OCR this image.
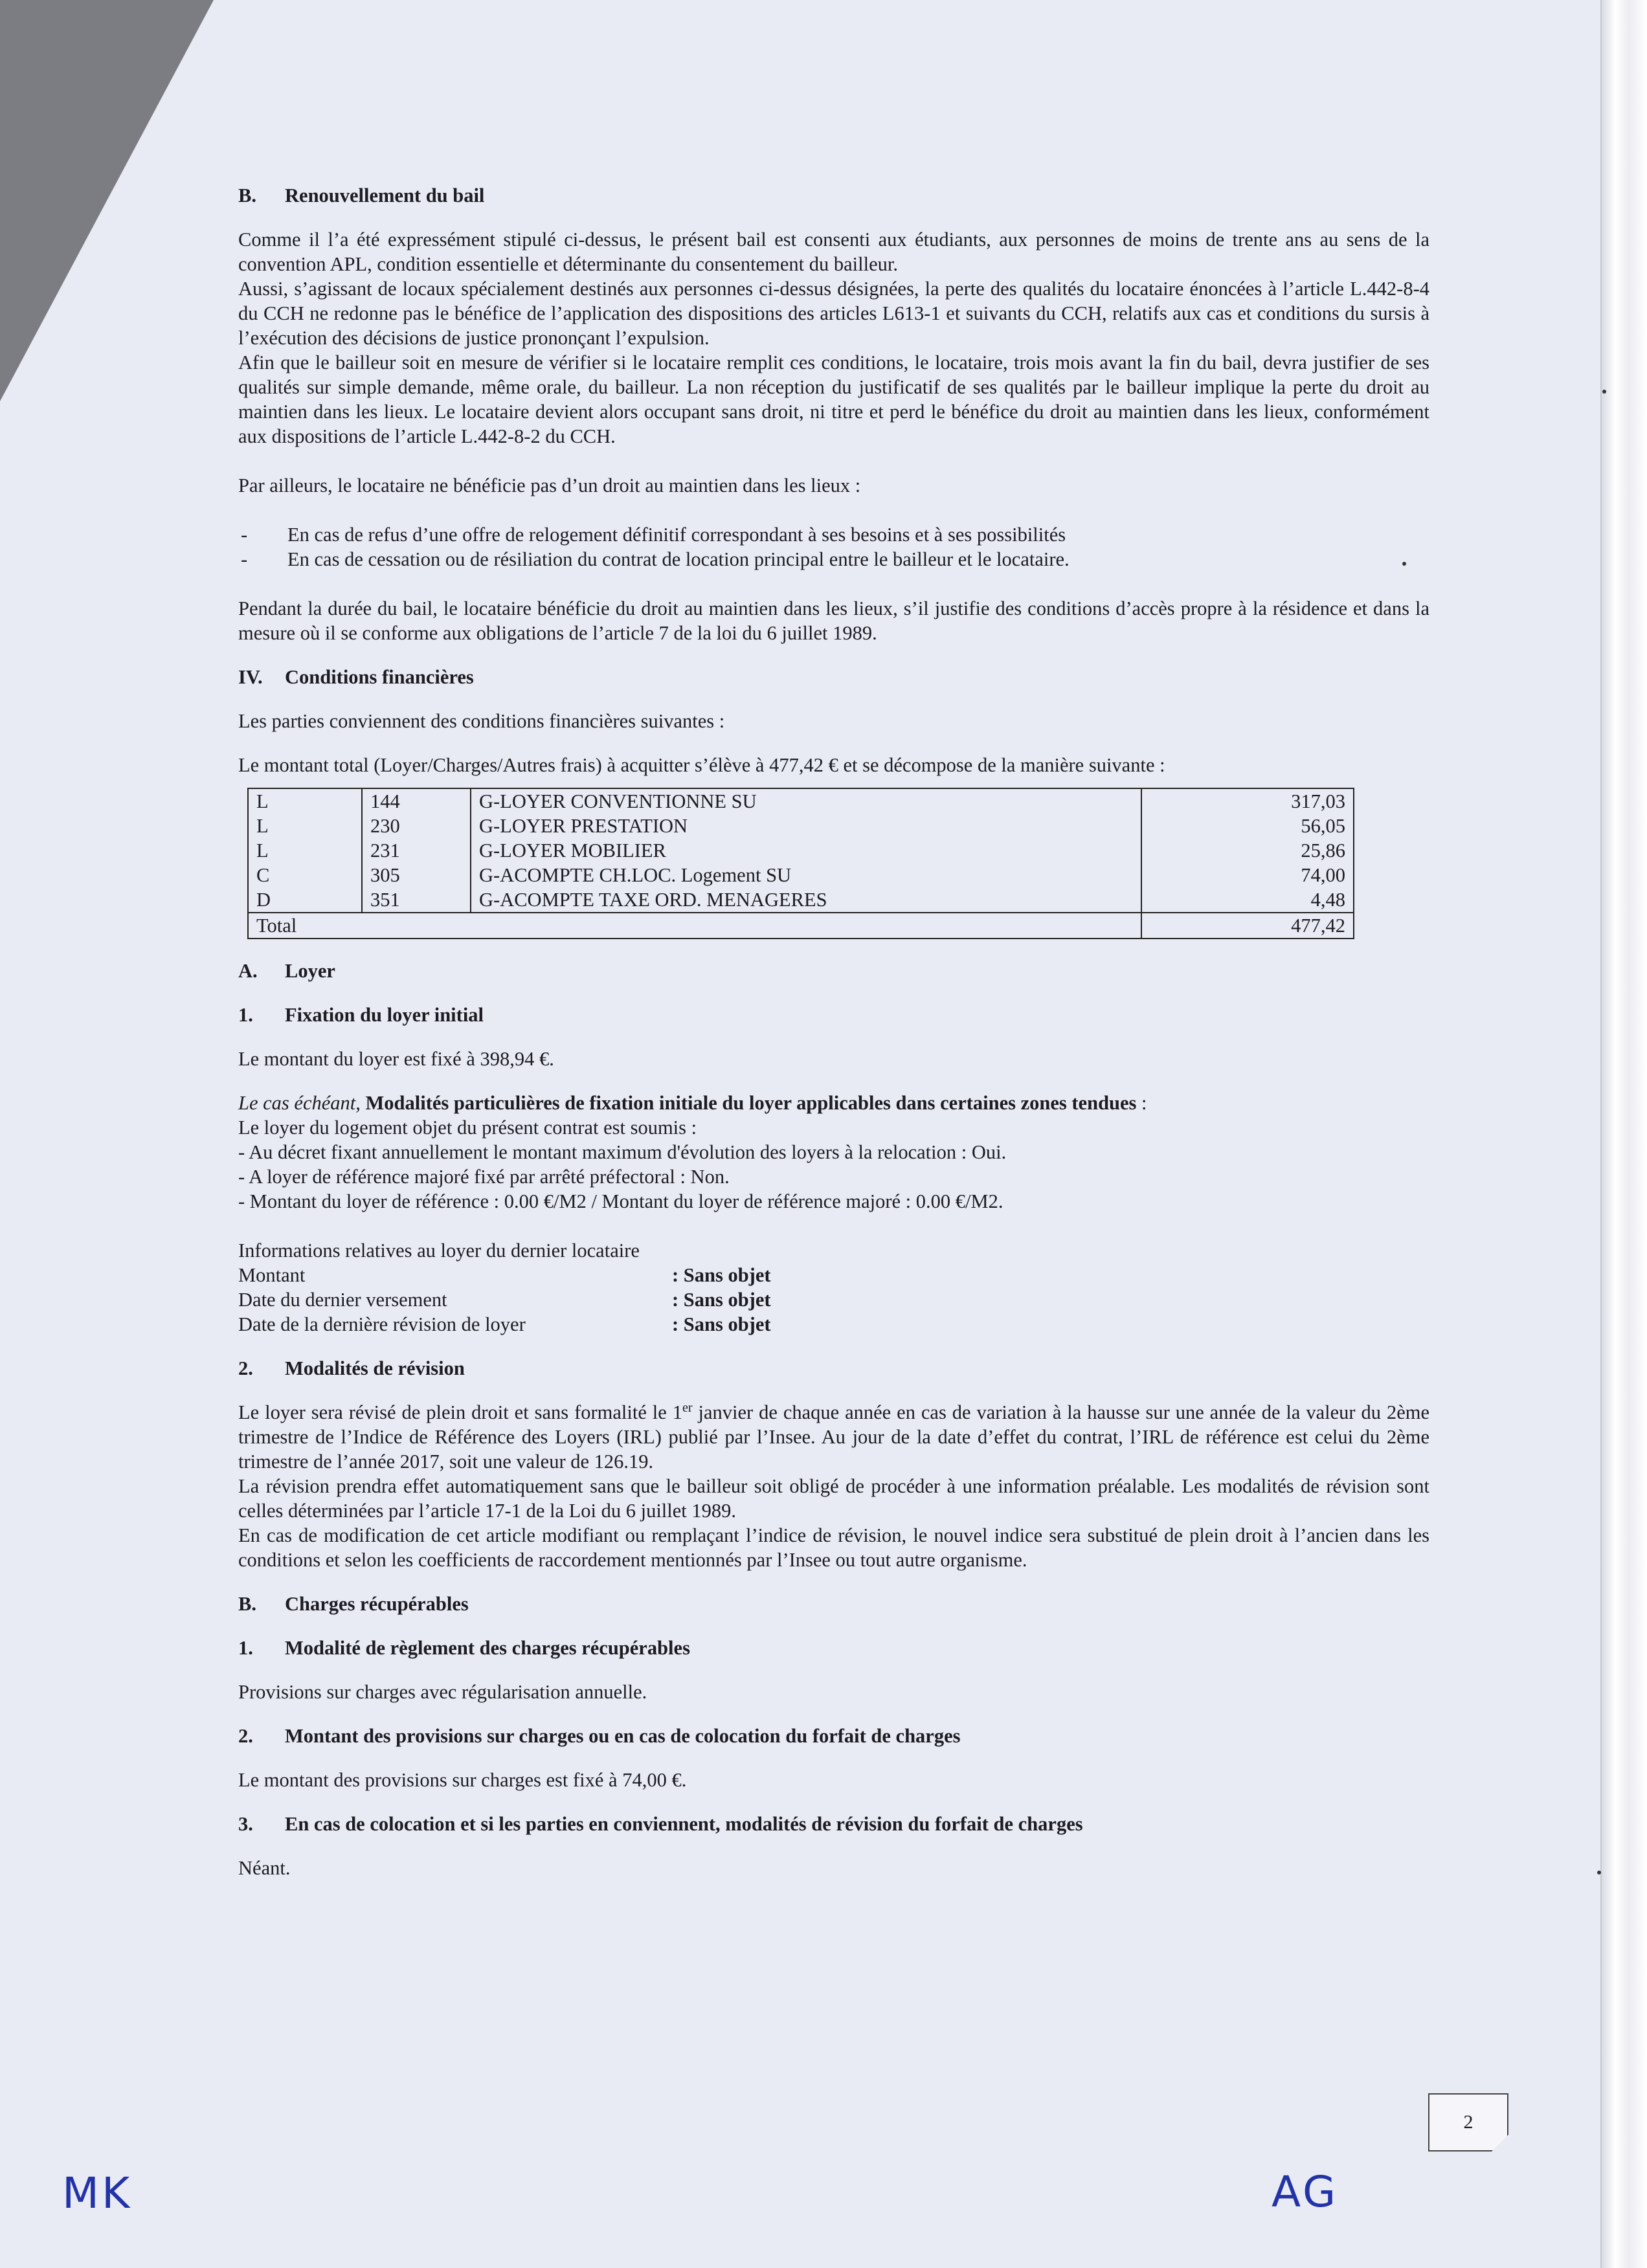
B. Renouvellement du bail

Comme il l’a été expressément stipulé ci-dessus, le présent bail est consenti aux étudiants, aux personnes de moins de trente ans au sens de la convention APL, condition essentielle et déterminante du consentement du bailleur.

Aussi, s’agissant de locaux spécialement destinés aux personnes ci-dessus désignées, la perte des qualités du locataire énoncées à l’article L.442-8-4 du CCH ne redonne pas le bénéfice de l’application des dispositions des articles L613-1 et suivants du CCH, relatifs aux cas et conditions du sursis à l’exécution des décisions de justice prononçant l’expulsion.

Afin que le bailleur soit en mesure de vérifier si le locataire remplit ces conditions, le locataire, trois mois avant la fin du bail, devra justifier de ses qualités sur simple demande, même orale, du bailleur. La non réception du justificatif de ses qualités par le bailleur implique la perte du droit au maintien dans les lieux. Le locataire devient alors occupant sans droit, ni titre et perd le bénéfice du droit au maintien dans les lieux, conformément aux dispositions de l’article L.442-8-2 du CCH.

Par ailleurs, le locataire ne bénéficie pas d’un droit au maintien dans les lieux :

- En cas de refus d’une offre de relogement définitif correspondant à ses besoins et à ses possibilités
- En cas de cessation ou de résiliation du contrat de location principal entre le bailleur et le locataire.

Pendant la durée du bail, le locataire bénéficie du droit au maintien dans les lieux, s’il justifie des conditions d’accès propre à la résidence et dans la mesure où il se conforme aux obligations de l’article 7 de la loi du 6 juillet 1989.

IV. Conditions financières

Les parties conviennent des conditions financières suivantes :

Le montant total (Loyer/Charges/Autres frais) à acquitter s’élève à 477,42 € et se décompose de la manière suivante :

L	144	G-LOYER CONVENTIONNE SU	317,03
L	230	G-LOYER PRESTATION	56,05
L	231	G-LOYER MOBILIER	25,86
C	305	G-ACOMPTE CH.LOC. Logement SU	74,00
D	351	G-ACOMPTE TAXE ORD. MENAGERES	4,48
Total			477,42
A. Loyer
1. Fixation du loyer initial

Le montant du loyer est fixé à 398,94 €.

Le cas échéant, Modalités particulières de fixation initiale du loyer applicables dans certaines zones tendues :

Le loyer du logement objet du présent contrat est soumis :

- Au décret fixant annuellement le montant maximum d'évolution des loyers à la relocation : Oui.

- A loyer de référence majoré fixé par arrêté préfectoral : Non.

- Montant du loyer de référence : 0.00 €/M2 / Montant du loyer de référence majoré : 0.00 €/M2.

Informations relatives au loyer du dernier locataire

Montant	: Sans objet
Date du dernier versement	: Sans objet
Date de la dernière révision de loyer	: Sans objet
2. Modalités de révision

Le loyer sera révisé de plein droit et sans formalité le 1er janvier de chaque année en cas de variation à la hausse sur une année de la valeur du 2ème trimestre de l’Indice de Référence des Loyers (IRL) publié par l’Insee. Au jour de la date d’effet du contrat, l’IRL de référence est celui du 2ème trimestre de l’année 2017, soit une valeur de 126.19.

La révision prendra effet automatiquement sans que le bailleur soit obligé de procéder à une information préalable. Les modalités de révision sont celles déterminées par l’article 17-1 de la Loi du 6 juillet 1989.

En cas de modification de cet article modifiant ou remplaçant l’indice de révision, le nouvel indice sera substitué de plein droit à l’ancien dans les conditions et selon les coefficients de raccordement mentionnés par l’Insee ou tout autre organisme.

B. Charges récupérables
1. Modalité de règlement des charges récupérables

Provisions sur charges avec régularisation annuelle.

2. Montant des provisions sur charges ou en cas de colocation du forfait de charges

Le montant des provisions sur charges est fixé à 74,00 €.

3. En cas de colocation et si les parties en conviennent, modalités de révision du forfait de charges

Néant.

2
MK	AG
